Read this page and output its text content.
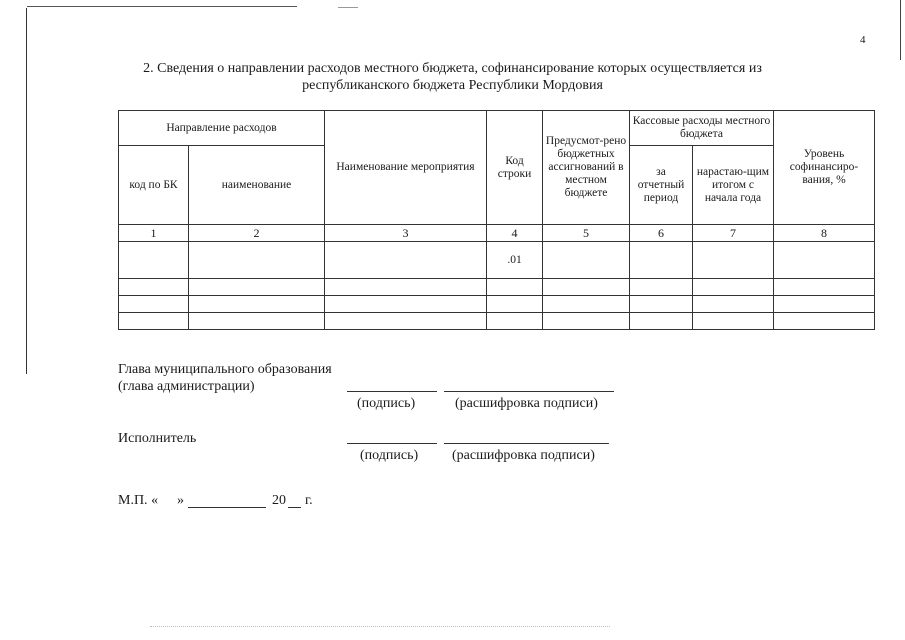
4
2. Сведения о направлении расходов местного бюджета, софинансирование которых осуществляется из
республиканского бюджета Республики Мордовия
Направление расходов		Наименование мероприятия	Код строки	Предусмот-рено бюджетных ассигнований в местном бюджете	Кассовые расходы местного бюджета		Уровень софинансиро-вания, %
код по БК	наименование				за отчетный период	нарастаю-щим итогом с начала года	
1	2	3	4	5	6	7	8
			.01				

Глава муниципального образования
(глава администрации)
(подпись)	(расшифровка подписи)
Исполнитель
(подпись) (расшифровка подписи)
М.П. « »	20 г.
